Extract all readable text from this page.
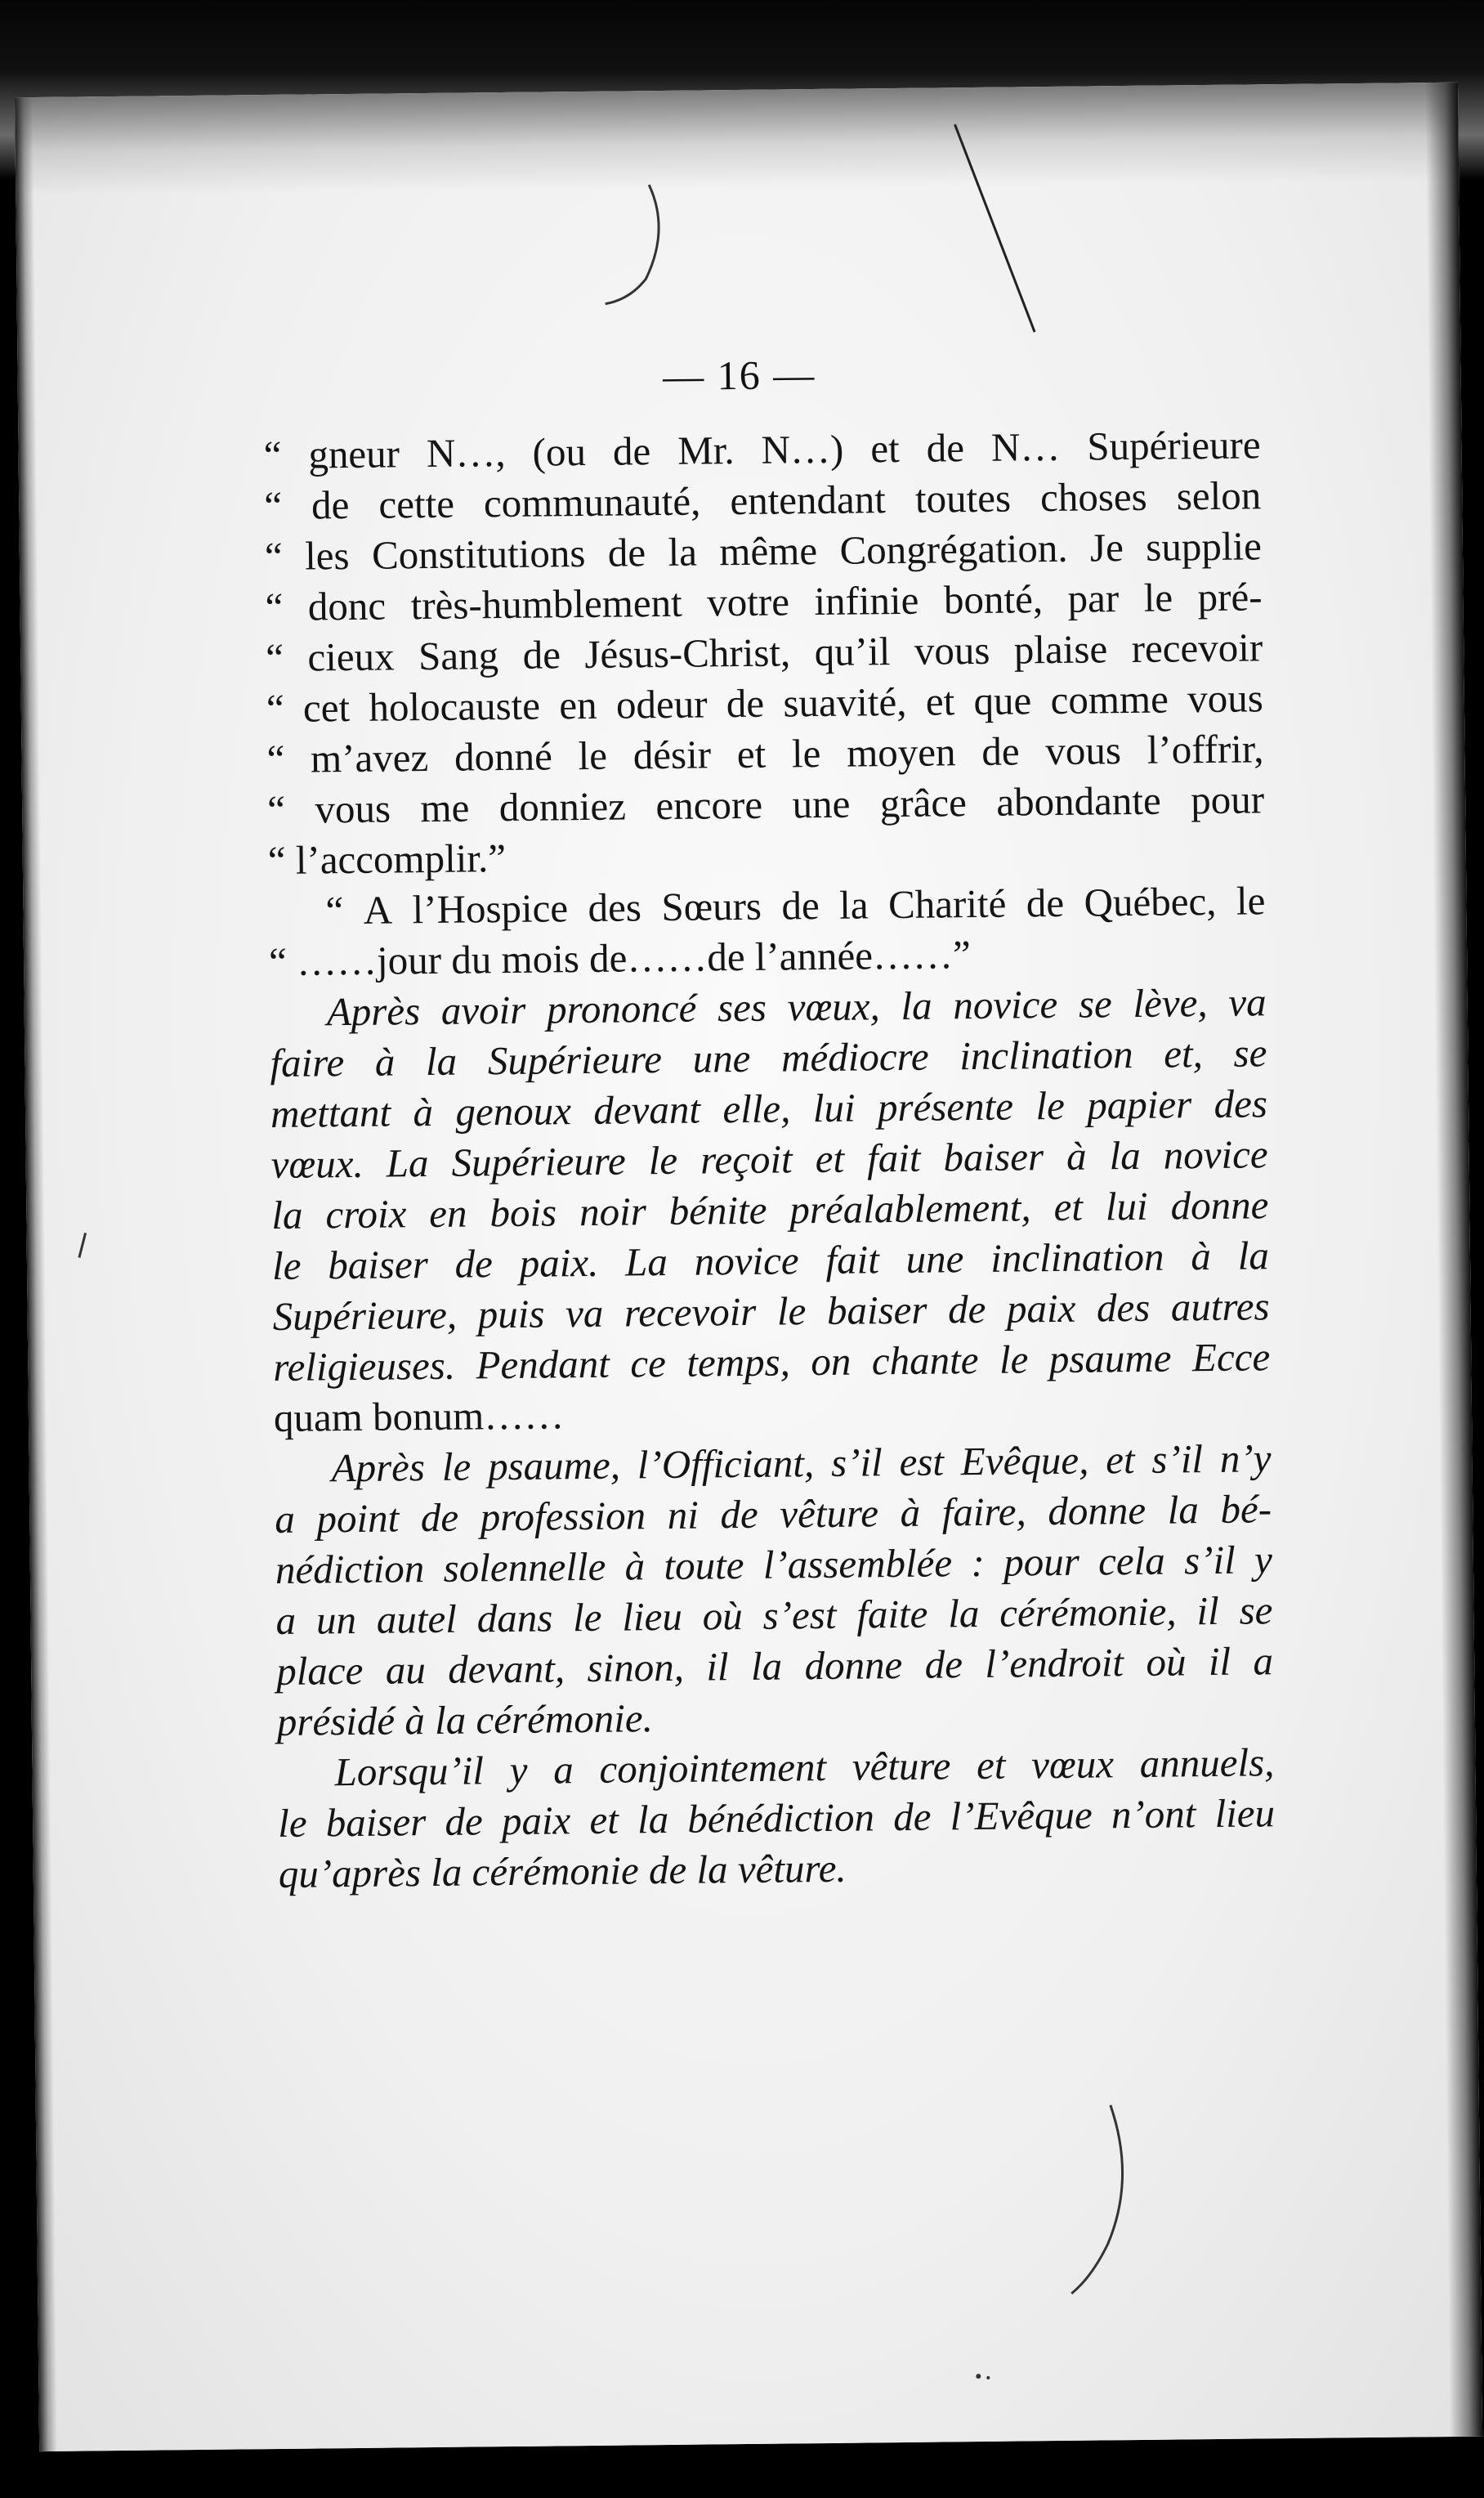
— 16 —
“ gneur N…, (ou de Mr. N…) et de N… Supérieure
“ de cette communauté, entendant toutes choses selon
“ les Constitutions de la même Congrégation. Je supplie
“ donc très-humblement votre infinie bonté, par le pré-
“ cieux Sang de Jésus-Christ, qu’il vous plaise recevoir
“ cet holocauste en odeur de suavité, et que comme vous
“ m’avez donné le désir et le moyen de vous l’offrir,
“ vous me donniez encore une grâce abondante pour
“ l’accomplir.”
“ A l’Hospice des Sœurs de la Charité de Québec, le
“ ……jour du mois de……de l’année……”
Après avoir prononcé ses vœux, la novice se lève, va
faire à la Supérieure une médiocre inclination et, se
mettant à genoux devant elle, lui présente le papier des
vœux. La Supérieure le reçoit et fait baiser à la novice
la croix en bois noir bénite préalablement, et lui donne
le baiser de paix. La novice fait une inclination à la
Supérieure, puis va recevoir le baiser de paix des autres
religieuses. Pendant ce temps, on chante le psaume Ecce
quam bonum……
Après le psaume, l’Officiant, s’il est Evêque, et s’il n’y
a point de profession ni de vêture à faire, donne la bé-
nédiction solennelle à toute l’assemblée : pour cela s’il y
a un autel dans le lieu où s’est faite la cérémonie, il se
place au devant, sinon, il la donne de l’endroit où il a
présidé à la cérémonie.
Lorsqu’il y a conjointement vêture et vœux annuels,
le baiser de paix et la bénédiction de l’Evêque n’ont lieu
qu’après la cérémonie de la vêture.
